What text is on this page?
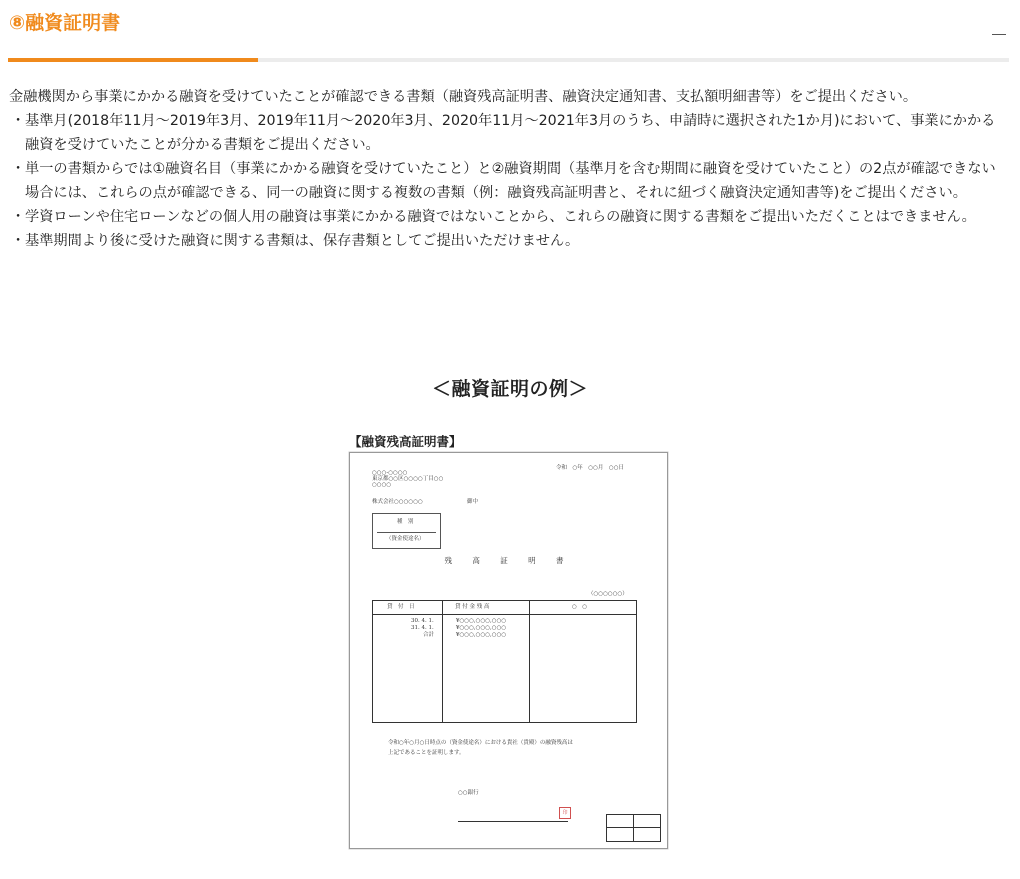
⑧融資証明書

金融機関から事業にかかる融資を受けていたことが確認できる書類（融資残高証明書、融資決定通知書、支払額明細書等）をご提出ください。

・ 基準月(2018年11月〜2019年3月、2019年11月〜2020年3月、2020年11月〜2021年3月のうち、申請時に選択された1か月)において、事業にかかる融資を受けていたことが分かる書類をご提出ください。
・ 単一の書類からでは①融資名目（事業にかかる融資を受けていたこと）と②融資期間（基準月を含む期間に融資を受けていたこと）の2点が確認できない場合には、これらの点が確認できる、同一の融資に関する複数の書類（例：融資残高証明書と、それに紐づく融資決定通知書等)をご提出ください。
・ 学資ローンや住宅ローンなどの個人用の融資は事業にかかる融資ではないことから、これらの融資に関する書類をご提出いただくことはできません。
・ 基準期間より後に受けた融資に関する書類は、保存書類としてご提出いただけません。
＜融資証明の例＞
【融資残高証明書】
令和　○年　○○月　○○日
○○○-○○○○
東京都○○区○○○○丁目○○
○○○○
株式会社○○○○○○	御中
種　別
（資金使途名）
残 高 証 明 書
（○○○○○○）
貸　付　日	貸 付 金 残 高	○　○
30. 4. 1.	¥○○○,○○○,○○○
31. 4. 1.	¥○○○,○○○,○○○
合計	¥○○○,○○○,○○○
令和○年○月○日時点の（資金使途名）における貴社（貴殿）の融資残高は
上記であることを証明します。
○○銀行
印
